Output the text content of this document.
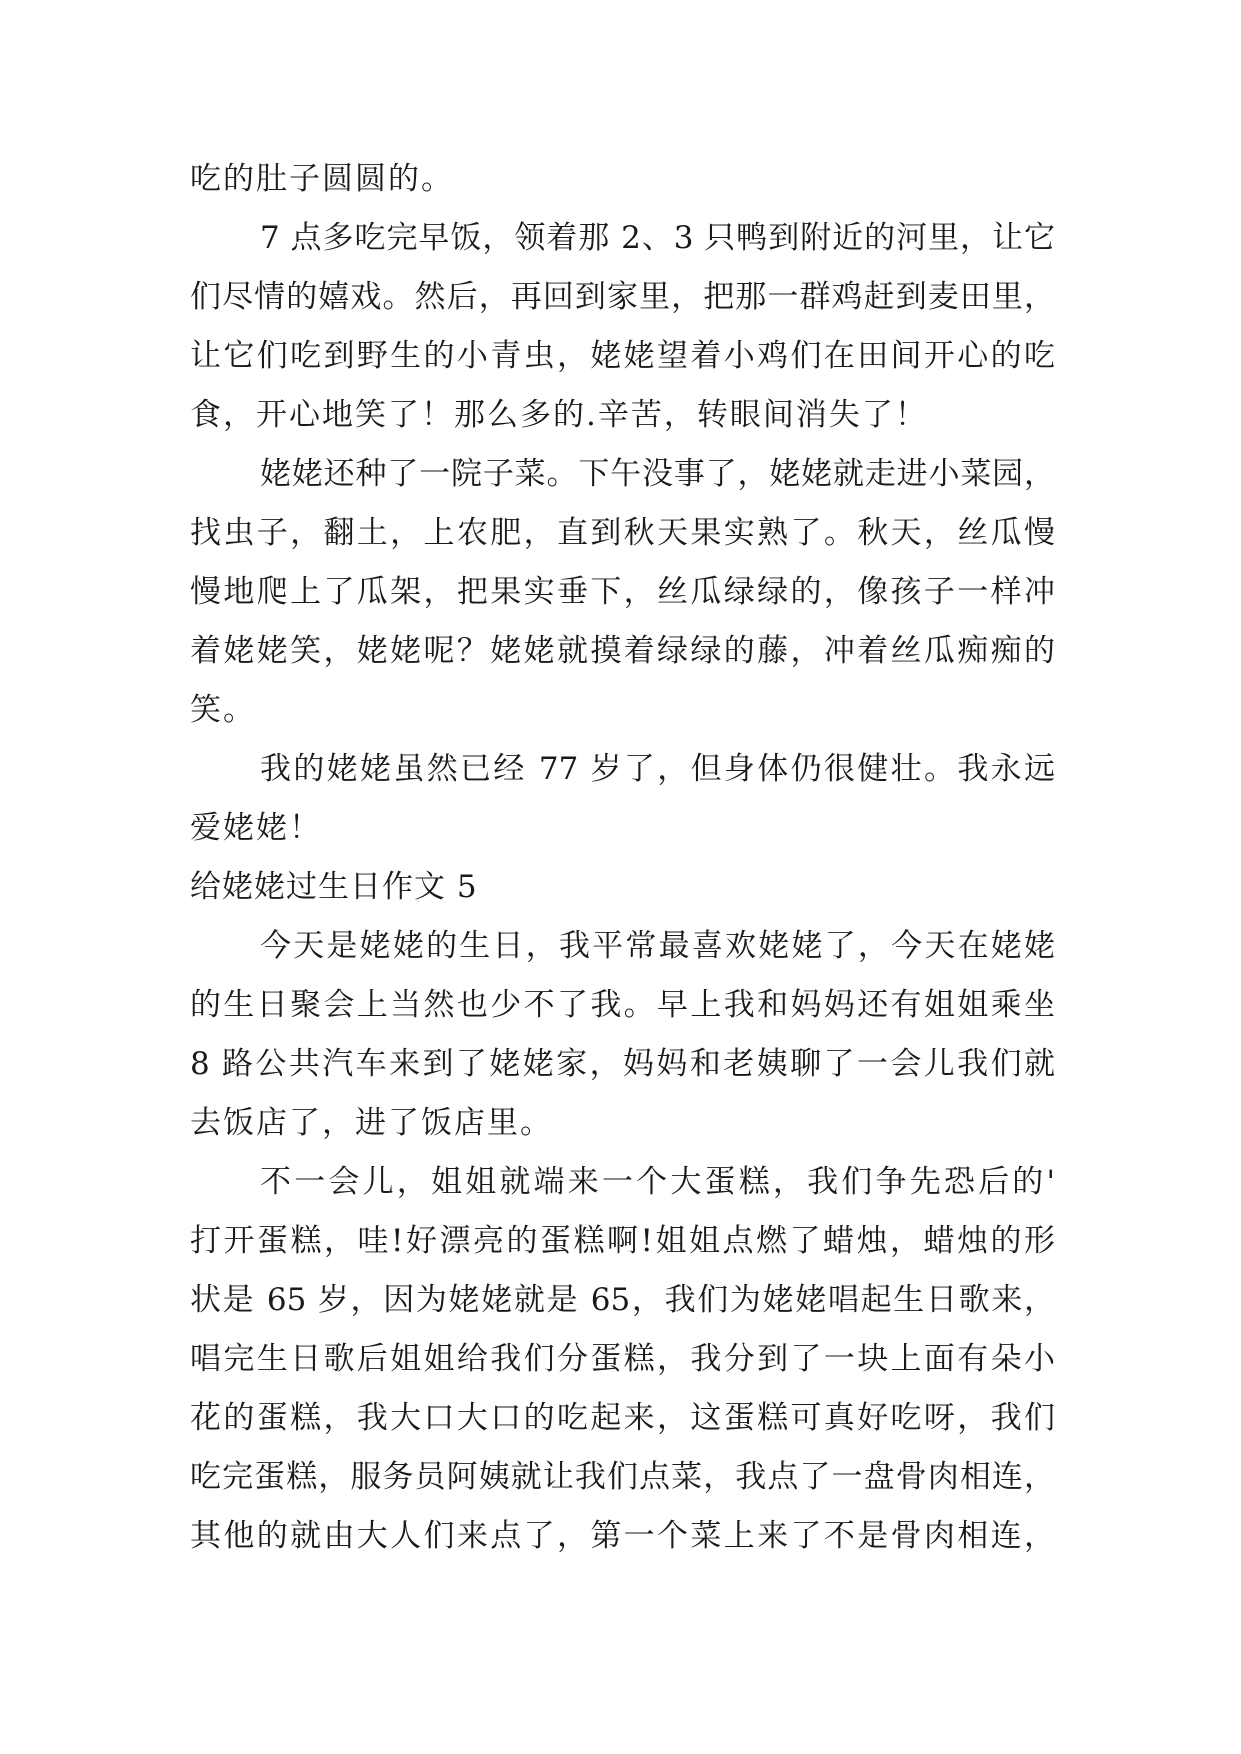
吃的肚子圆圆的。
7 点多吃完早饭，领着那 2、3 只鸭到附近的河里，让它
们尽情的嬉戏。然后，再回到家里，把那一群鸡赶到麦田里，
让它们吃到野生的小青虫，姥姥望着小鸡们在田间开心的吃
食，开心地笑了！那么多的.辛苦，转眼间消失了！
姥姥还种了一院子菜。下午没事了，姥姥就走进小菜园，
找虫子，翻土，上农肥，直到秋天果实熟了。秋天，丝瓜慢
慢地爬上了瓜架，把果实垂下，丝瓜绿绿的，像孩子一样冲
着姥姥笑，姥姥呢？姥姥就摸着绿绿的藤，冲着丝瓜痴痴的
笑。
我的姥姥虽然已经 77 岁了，但身体仍很健壮。我永远
爱姥姥！
给姥姥过生日作文 5
今天是姥姥的生日，我平常最喜欢姥姥了，今天在姥姥
的生日聚会上当然也少不了我。早上我和妈妈还有姐姐乘坐
8 路公共汽车来到了姥姥家，妈妈和老姨聊了一会儿我们就
去饭店了，进了饭店里。
不一会儿，姐姐就端来一个大蛋糕，我们争先恐后的'
打开蛋糕，哇!好漂亮的蛋糕啊!姐姐点燃了蜡烛，蜡烛的形
状是 65 岁，因为姥姥就是 65，我们为姥姥唱起生日歌来，
唱完生日歌后姐姐给我们分蛋糕，我分到了一块上面有朵小
花的蛋糕，我大口大口的吃起来，这蛋糕可真好吃呀，我们
吃完蛋糕，服务员阿姨就让我们点菜，我点了一盘骨肉相连，
其他的就由大人们来点了，第一个菜上来了不是骨肉相连，
